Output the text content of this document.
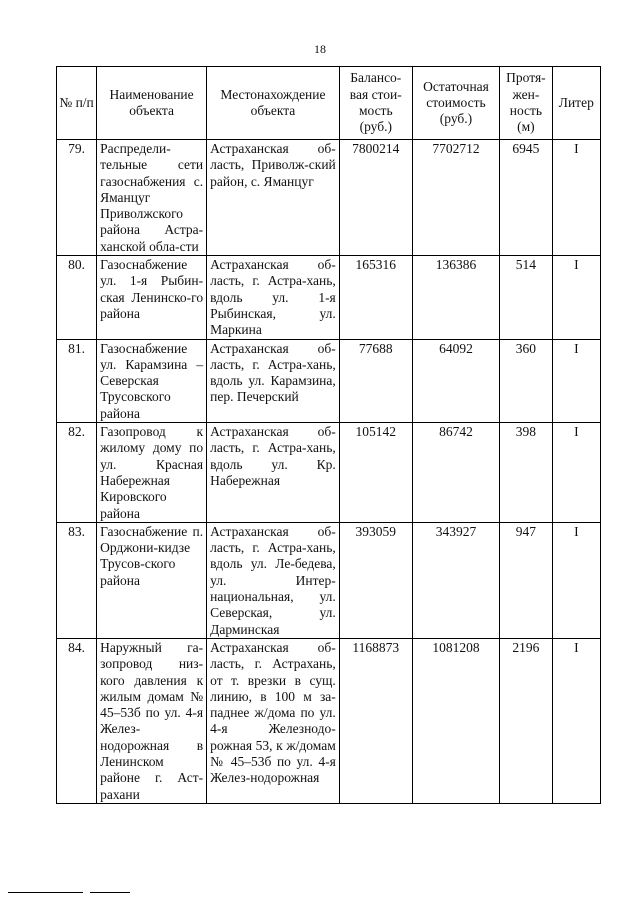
18
№ п/п	Наименование объекта	Местонахождение объекта	Балансо-вая стои-мость (руб.)	Остаточная стоимость (руб.)	Протя-жен-ность (м)	Литер
79.	Распредели-тельные сети газоснабжения с. Яманцуг Приволжского района Астра-ханской обла-сти	Астраханская об-ласть, Приволж-ский район, с. Яманцуг	7800214	7702712	6945	I
80.	Газоснабжение ул. 1-я Рыбин-ская Ленинско-го района	Астраханская об-ласть, г. Астра-хань, вдоль ул. 1-я Рыбинская, ул. Маркина	165316	136386	514	I
81.	Газоснабжение ул. Карамзина – Северская Трусовского района	Астраханская об-ласть, г. Астра-хань, вдоль ул. Карамзина, пер. Печерский	77688	64092	360	I
82.	Газопровод к жилому дому по ул. Красная Набережная Кировского района	Астраханская об-ласть, г. Астра-хань, вдоль ул. Кр. Набережная	105142	86742	398	I
83.	Газоснабжение п. Орджони-кидзе Трусов-ского района	Астраханская об-ласть, г. Астра-хань, вдоль ул. Ле-бедева, ул. Интер-национальная, ул. Северская, ул. Дарминская	393059	343927	947	I
84.	Наружный га-зопровод низ-кого давления к жилым домам № 45–53б по ул. 4-я Желез-нодорожная в Ленинском районе г. Аст-рахани	Астраханская об-ласть, г. Астрахань, от т. врезки в сущ. линию, в 100 м за-паднее ж/дома по ул. 4-я Железнодо-рожная 53, к ж/домам № 45–53б по ул. 4-я Желез-нодорожная	1168873	1081208	2196	I
